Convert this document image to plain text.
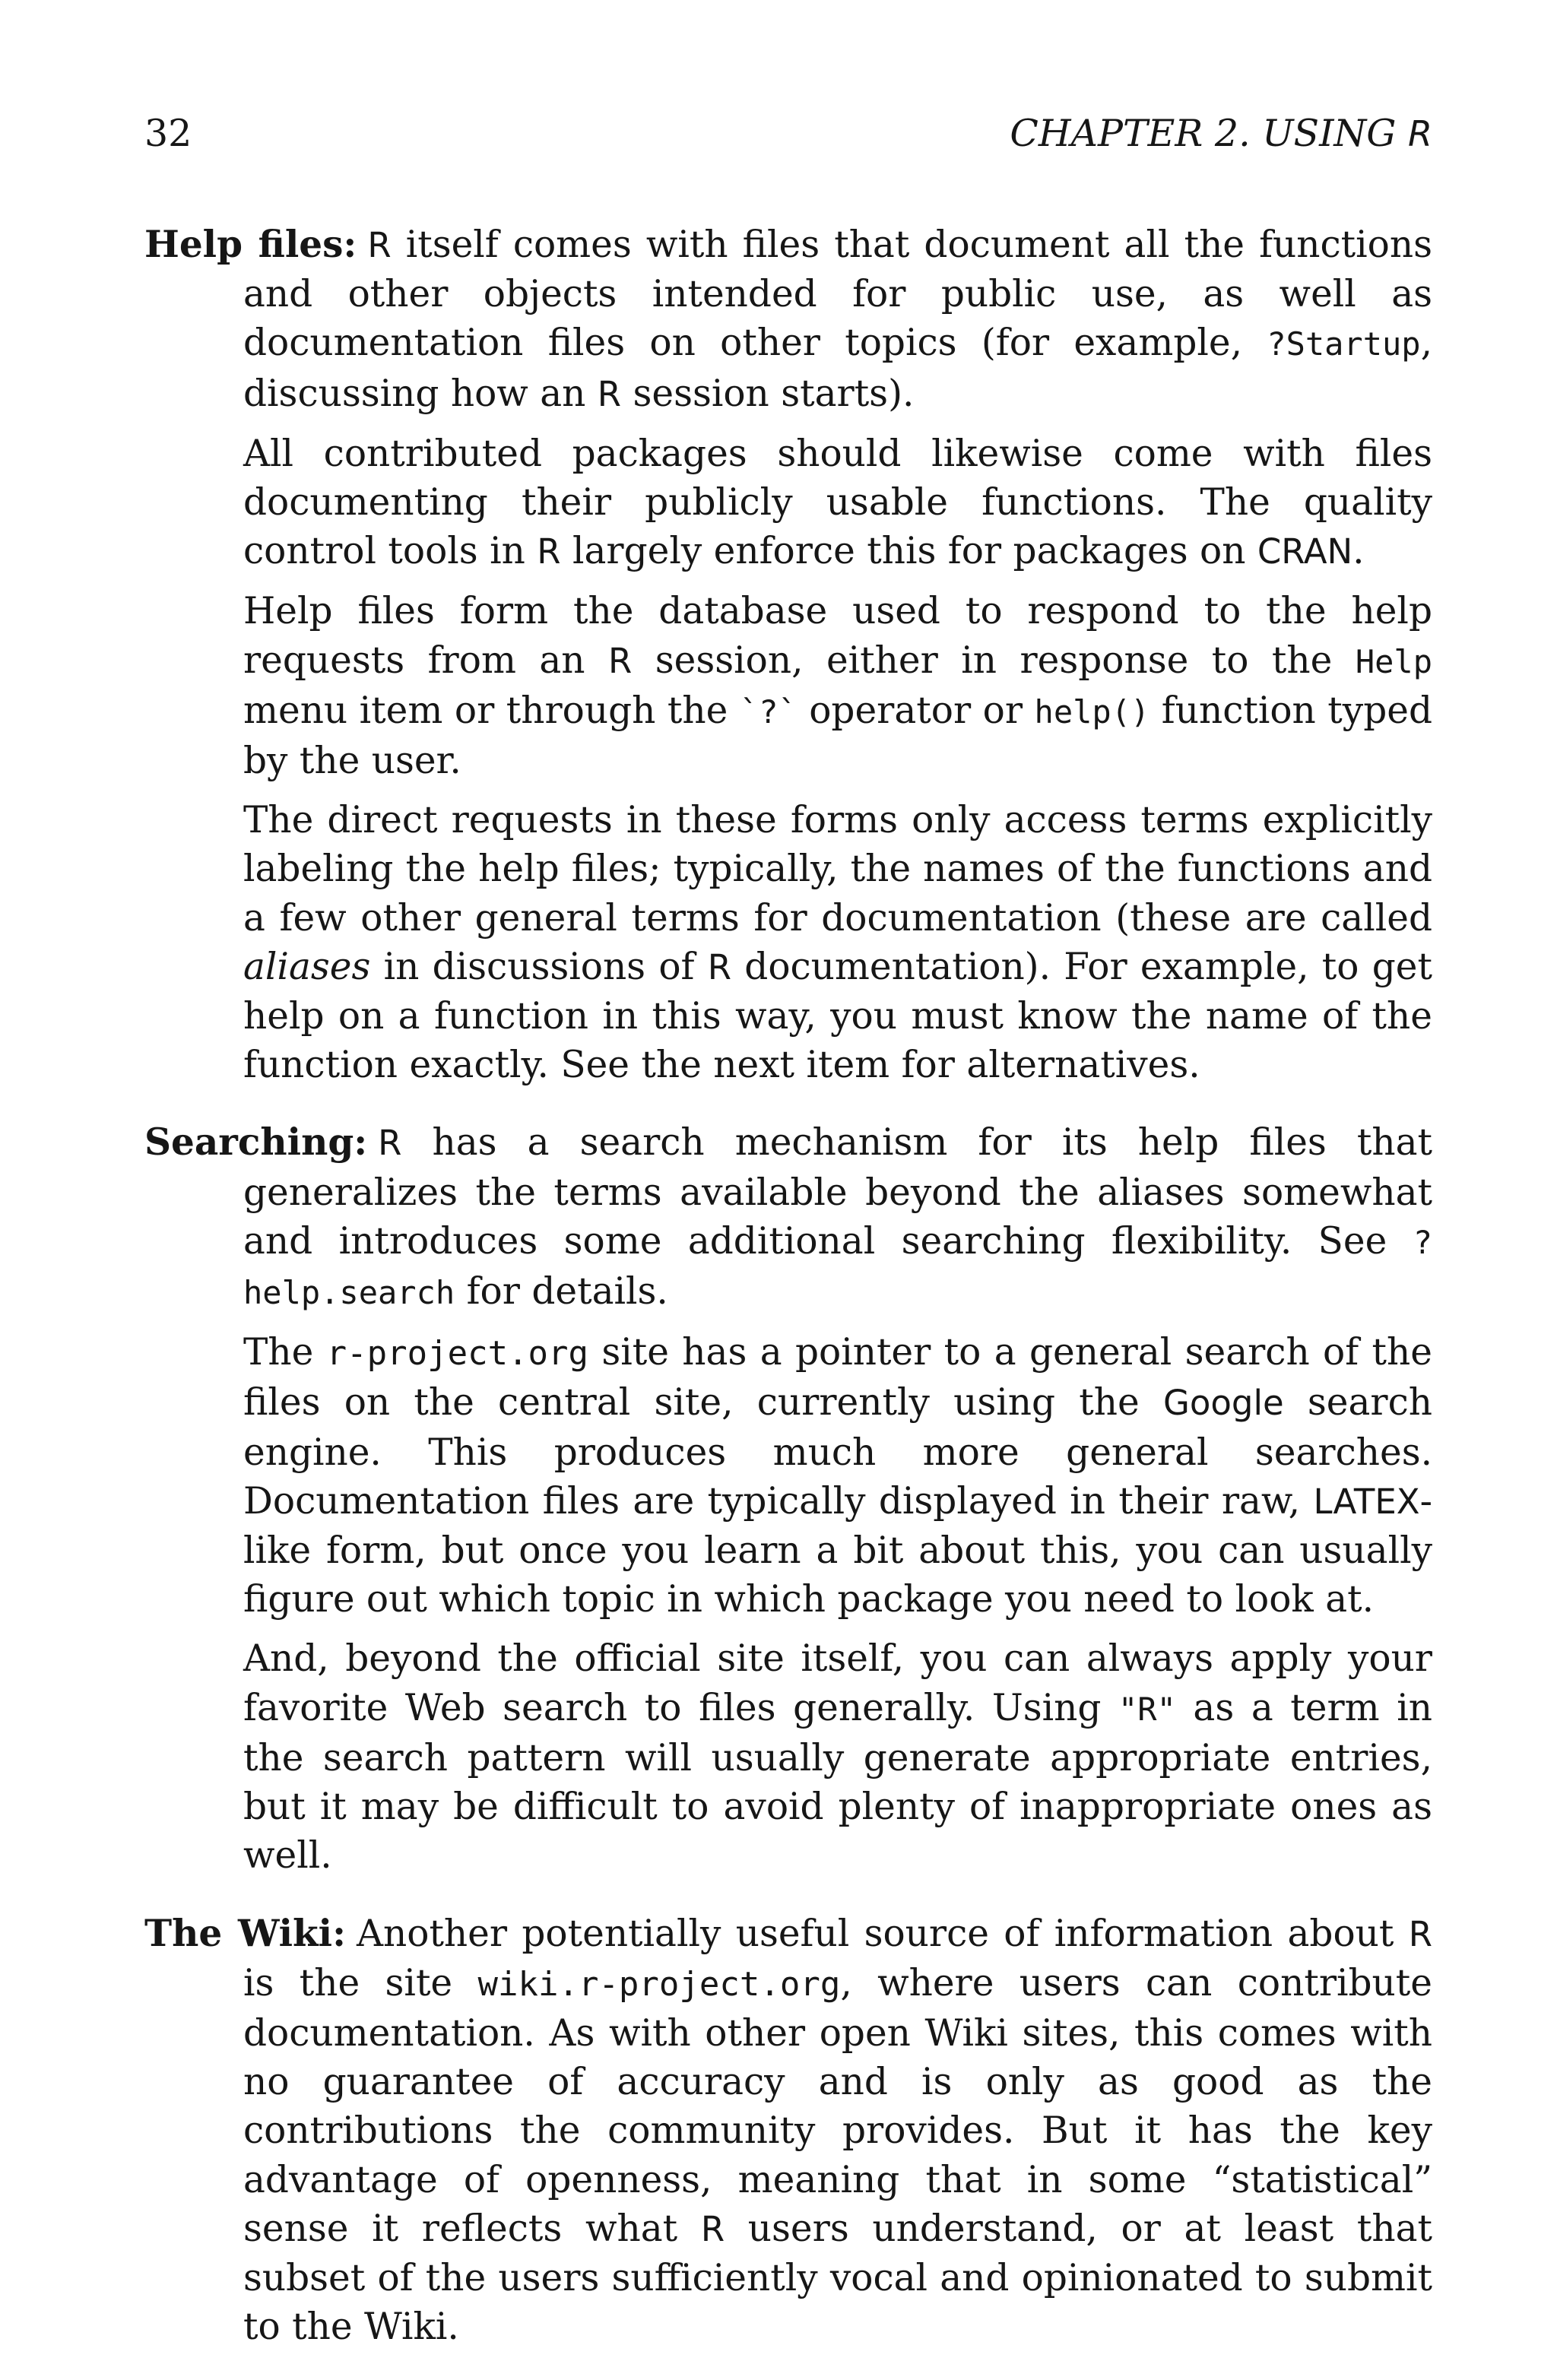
32	CHAPTER 2. USING R

Help files: R itself comes with files that document all the functions and other objects intended for public use, as well as documentation files on other topics (for example, ?Startup, discussing how an R session starts).

All contributed packages should likewise come with files documenting their publicly usable functions. The quality control tools in R largely enforce this for packages on CRAN.

Help files form the database used to respond to the help requests from an R session, either in response to the Help menu item or through the `?` operator or help() function typed by the user.

The direct requests in these forms only access terms explicitly labeling the help files; typically, the names of the functions and a few other general terms for documentation (these are called aliases in discussions of R documentation). For example, to get help on a function in this way, you must know the name of the function exactly. See the next item for alternatives.

Searching: R has a search mechanism for its help files that generalizes the terms available beyond the aliases somewhat and introduces some additional searching flexibility. See ?help.search for details.

The r-project.org site has a pointer to a general search of the files on the central site, currently using the Google search engine. This produces much more general searches. Documentation files are typically displayed in their raw, LATEX-like form, but once you learn a bit about this, you can usually figure out which topic in which package you need to look at.

And, beyond the official site itself, you can always apply your favorite Web search to files generally. Using "R" as a term in the search pattern will usually generate appropriate entries, but it may be difficult to avoid plenty of inappropriate ones as well.

The Wiki: Another potentially useful source of information about R is the site wiki.r-project.org, where users can contribute documentation. As with other open Wiki sites, this comes with no guarantee of accuracy and is only as good as the contributions the community provides. But it has the key advantage of openness, meaning that in some “statistical” sense it reflects what R users understand, or at least that subset of the users sufficiently vocal and opinionated to submit to the Wiki.
